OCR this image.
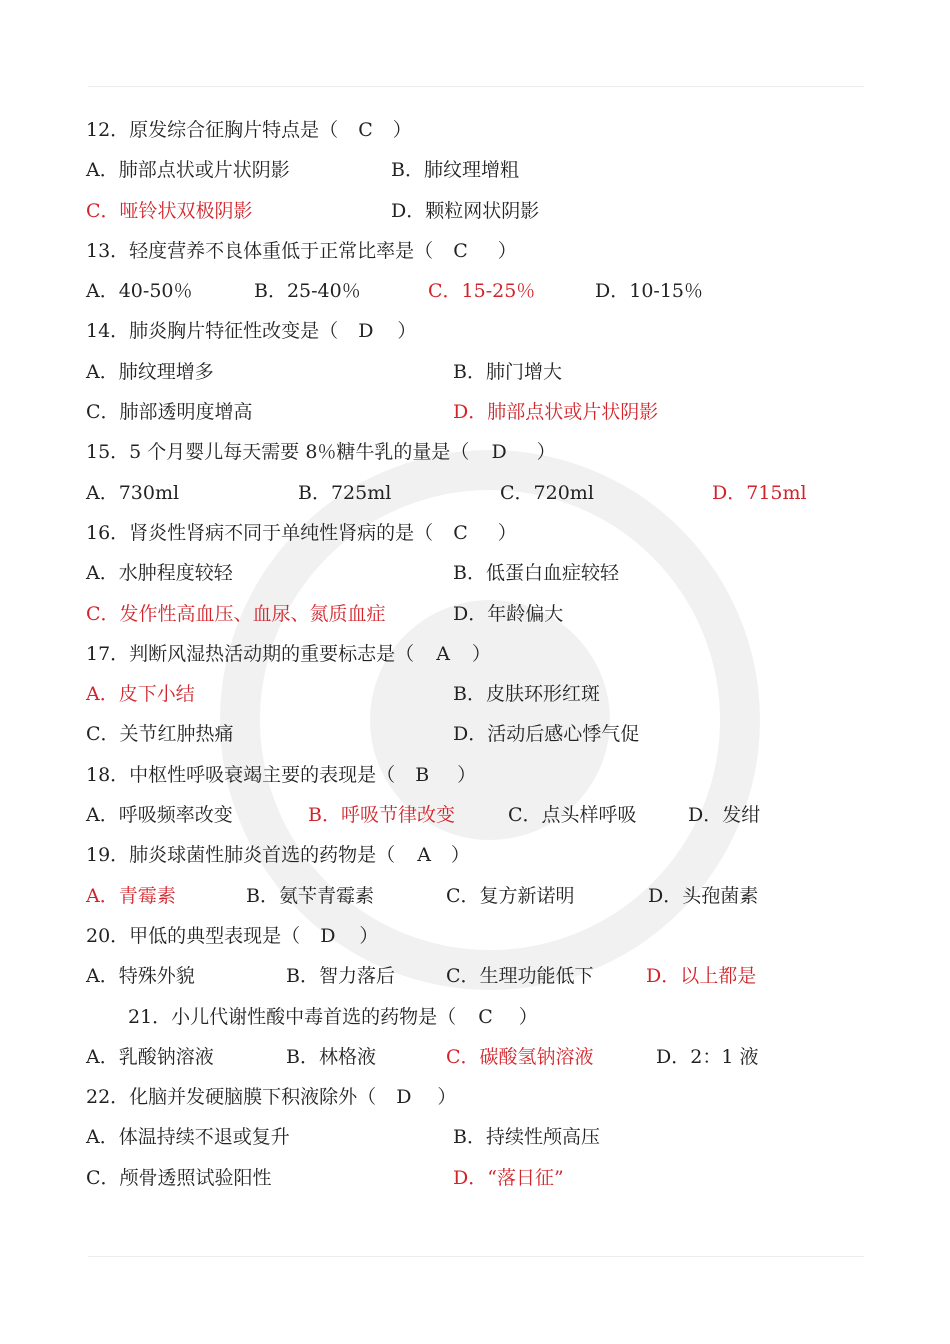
12．原发综合征胸片特点是（ C ）
A．肺部点状或片状阴影	B．肺纹理增粗
C．哑铃状双极阴影	D．颗粒网状阴影
13．轻度营养不良体重低于正常比率是（ C ）
A．40-50％	B．25-40％	C．15-25％	D．10-15％
14．肺炎胸片特征性改变是（ D ）
A．肺纹理增多	B．肺门增大
C．肺部透明度增高	D．肺部点状或片状阴影
15．5 个月婴儿每天需要 8％糖牛乳的量是（ D ）
A．730ml	B．725ml	C．720ml	D．715ml
16．肾炎性肾病不同于单纯性肾病的是（ C ）
A．水肿程度较轻	B．低蛋白血症较轻
C．发作性高血压、血尿、氮质血症	D．年龄偏大
17．判断风湿热活动期的重要标志是（ A ）
A．皮下小结	B．皮肤环形红斑
C．关节红肿热痛	D．活动后感心悸气促
18．中枢性呼吸衰竭主要的表现是（ B ）
A．呼吸频率改变	B．呼吸节律改变	C．点头样呼吸	D．发绀
19．肺炎球菌性肺炎首选的药物是（ A ）
A．青霉素	B．氨苄青霉素	C．复方新诺明	D．头孢菌素
20．甲低的典型表现是（ D ）
A．特殊外貌	B．智力落后	C．生理功能低下	D．以上都是
21．小儿代谢性酸中毒首选的药物是（ C ）
A．乳酸钠溶液	B．林格液	C．碳酸氢钠溶液	D．2：1 液
22．化脑并发硬脑膜下积液除外（ D ）
A．体温持续不退或复升	B．持续性颅高压
C．颅骨透照试验阳性	D．“落日征”
